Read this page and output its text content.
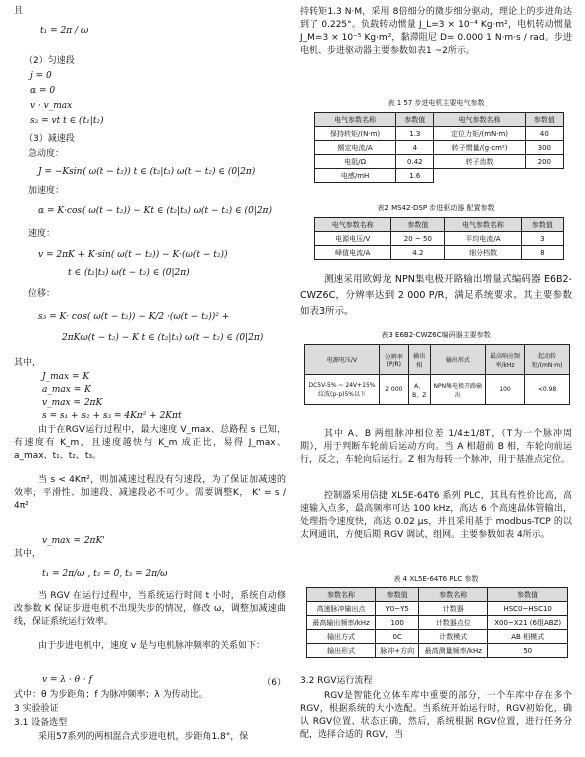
且
t₁ = 2π / ω
（2）匀速段
j = 0
α = 0
v · v_max
s₂ = vt t ∈ (t₁|t₂)
（3）减速段
急动度：
J = −Ksin( ω(t − t₂)) t ∈ (t₂|t₃) ω(t − t₂) ∈ (0|2π)
加速度：
α = K·cos( ω(t − t₂)) − Kt ∈ (t₂|t₃) ω(t − t₂) ∈ (0|2π)
速度：
v = 2πK + K·sin( ω(t − t₂)) − K·(ω(t − t₂))
t ∈ (t₂|t₃) ω(t − t₂) ∈ (0|2π)
位移：
s₃ = K· cos( ω(t − t₂)) − K/2 ·(ω(t − t₂))² +
2πKω(t − t₂) − K t ∈ (t₂|t₃) ω(t − t₂) ∈ (0|2π)
其中，
J_max = K
a_max = K
v_max = 2πK
s = s₁ + s₂ + s₃ = 4Kπ² + 2Kπt
由于在RGV运行过程中，最大速度 V_max、总路程 s 已知，有速度有 K_m，且速度越快与 K_m 成正比，易得 J_max、a_max、t₁、t₂、t₃。
当 s < 4Kπ²，则加减速过程没有匀速段，为了保证加减速的效率，平滑性、加速段、减速段必不可少。需要调整K， K' = s / 4π²
v_max = 2πK'
其中，
t₁ = 2π/ω , t₂ = 0, t₃ = 2π/ω
当 RGV 在运行过程中，当系统运行时间 t 小时，系统自动修改参数 K 保证步进电机不出现失步的情况，修改 ω，调整加减速曲线，保证系统运行效率。
由于步进电机中，速度 v 是与电机脉冲频率的关系如下：
v = λ · θ · f	（6）
式中：θ 为步距角；f 为脉冲频率；λ 为传动比。
3 实验验证
3.1 设备选型
采用57系列的两相混合式步进电机，步距角1.8°，保
持转矩1.3 N·M，采用 8倍细分的微步细分驱动，理论上的步进角达到了 0.225°。负载转动惯量 J_L=3 × 10⁻⁴ Kg·m²，电机转动惯量 J_M=3 × 10⁻⁵ Kg·m²，黏滞阻尼 D= 0.000 1 N·m·s / rad。步进电机、步进驱动器主要参数如表1 ~2所示。
表 1 57 步进电机主要电气参数
电气参数名称	参数值	电气参数名称	参数值
保持转矩/(N·m)	1.3	定位力矩/(mN·m)	40
额定电流/A	4	转子惯量/(g·cm²)	300
电阻/Ω	0.42	转子齿数	200
电感/mH	1.6		
表2 MS42-DSP 步进驱动器 配置参数
电气参数名称	参数值	电气参数名称	参数值
电源电压/V	20 ~ 50	平均电流/A	3
峰值电流/A	4.2	细分档数	8
测速采用欧姆龙 NPN集电极开路输出增量式编码器 E6B2-CWZ6C，分辨率达到 2 000 P/R，满足系统要求。其主要参数如表3所示。
表3 E6B2-CWZ6C编码器主要参数
电源电压/V	分辨率(P/R)	输出相	输出形式	最高响应频率/kHz	起动转矩/(mN·m)
DC5V-5% ~ 24V+15% 纹波(p-p)5%以下	2 000	A、B、Z	NPN集电极开路输出	100	<0.98
其中 A、B 两组脉冲相位差 1/4±1/8T，（T为一个脉冲周期），用于判断车轮前后运动方向。当 A 相超前 B 相，车轮向前运行，反之，车轮向后运行。Z 相为每转一个脉冲，用于基准点定位。
控制器采用信捷 XL5E-64T6 系列 PLC，其具有性价比高，高速输入点多，最高频率可达 100 kHz，高达 6 个高速晶体管输出，处理指令速度快，高达 0.02 μs，并且采用基于 modbus-TCP 的以太网通讯，方便后期 RGV 调试、组网。主要参数如表 4所示。
表 4 XL5E-64T6 PLC 参数
参数名称	参数值	参数名称	参数值
高速脉冲输出点	Y0~Y5	计数器	HSC0~HSC10
最高输出频率/kHz	100	计数器点位	X00~X21 (6组ABZ)
输出方式	0C	计数模式	AB 相模式
输出形式	脉冲+方向	最高测量频率/kHz	50
3.2 RGV运行流程
RGV是智能化立体车库中重要的部分，一个车库中存在多个 RGV，根据系统的大小选配。当系统开始运行时，RGV初始化，确认 RGV位置、状态正确，然后，系统根据 RGV位置，进行任务分配，选择合适的 RGV，当
